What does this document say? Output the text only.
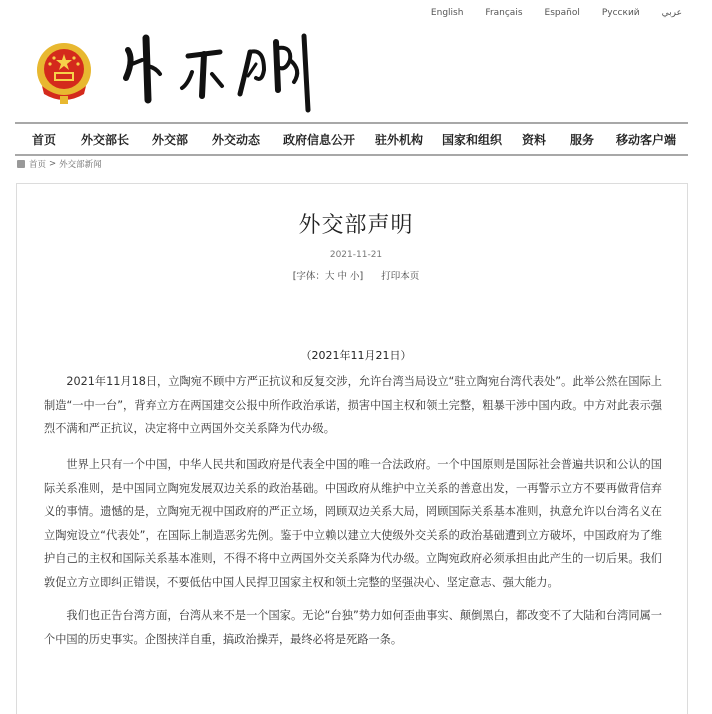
English Français Español Русский عربي
首页 外交部长 外交部 外交动态 政府信息公开 驻外机构 国家和组织 资料 服务 移动客户端
首页 > 外交部新闻
外交部声明
2021-11-21
[字体：大 中 小] 打印本页
（2021年11月21日）

2021年11月18日，立陶宛不顾中方严正抗议和反复交涉，允许台湾当局设立“驻立陶宛台湾代表处”。此举公然在国际上制造“一中一台”，背弃立方在两国建交公报中所作政治承诺，损害中国主权和领土完整，粗暴干涉中国内政。中方对此表示强烈不满和严正抗议，决定将中立两国外交关系降为代办级。

世界上只有一个中国，中华人民共和国政府是代表全中国的唯一合法政府。一个中国原则是国际社会普遍共识和公认的国际关系准则，是中国同立陶宛发展双边关系的政治基础。中国政府从维护中立关系的善意出发，一再警示立方不要再做背信弃义的事情。遗憾的是，立陶宛无视中国政府的严正立场，罔顾双边关系大局，罔顾国际关系基本准则，执意允许以台湾名义在立陶宛设立“代表处”，在国际上制造恶劣先例。鉴于中立赖以建立大使级外交关系的政治基础遭到立方破坏，中国政府为了维护自己的主权和国际关系基本准则，不得不将中立两国外交关系降为代办级。立陶宛政府必须承担由此产生的一切后果。我们敦促立方立即纠正错误，不要低估中国人民捍卫国家主权和领土完整的坚强决心、坚定意志、强大能力。

我们也正告台湾方面，台湾从来不是一个国家。无论“台独”势力如何歪曲事实、颠倒黑白，都改变不了大陆和台湾同属一个中国的历史事实。企图挟洋自重，搞政治操弄，最终必将是死路一条。
